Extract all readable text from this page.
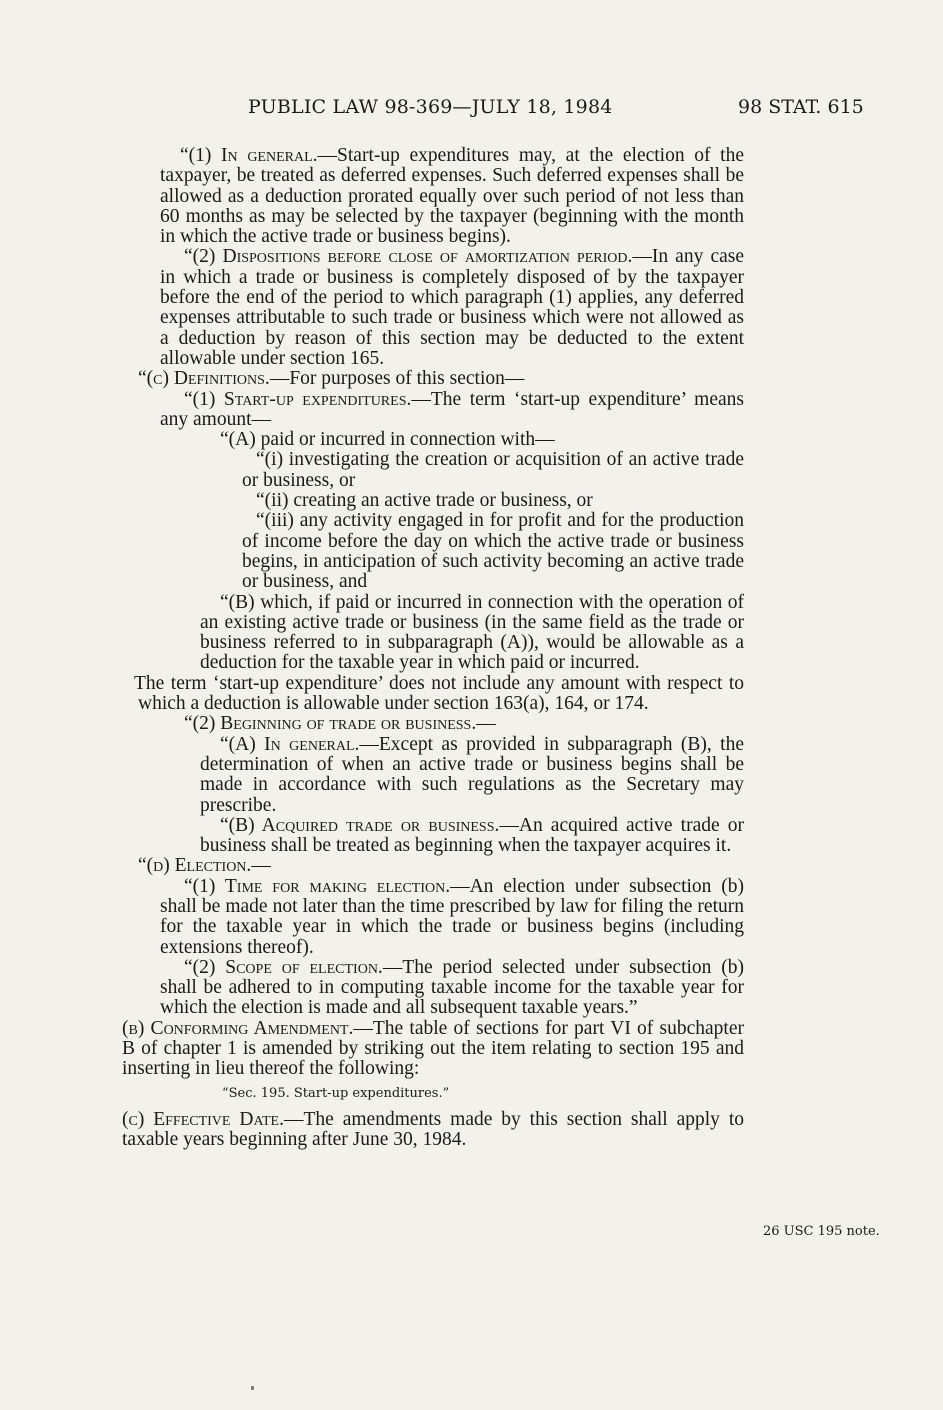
PUBLIC LAW 98-369—JULY 18, 1984	98 STAT. 615

“(1) In general.—Start-up expenditures may, at the election of the taxpayer, be treated as deferred expenses. Such deferred expenses shall be allowed as a deduction prorated equally over such period of not less than 60 months as may be selected by the taxpayer (beginning with the month in which the active trade or business begins).

“(2) Dispositions before close of amortization period.—In any case in which a trade or business is completely disposed of by the taxpayer before the end of the period to which paragraph (1) applies, any deferred expenses attributable to such trade or business which were not allowed as a deduction by reason of this section may be deducted to the extent allowable under section 165.

“(c) Definitions.—For purposes of this section—

“(1) Start-up expenditures.—The term ‘start-up expenditure’ means any amount—

“(A) paid or incurred in connection with—

“(i) investigating the creation or acquisition of an active trade or business, or

“(ii) creating an active trade or business, or

“(iii) any activity engaged in for profit and for the production of income before the day on which the active trade or business begins, in anticipation of such activity becoming an active trade or business, and

“(B) which, if paid or incurred in connection with the operation of an existing active trade or business (in the same field as the trade or business referred to in subparagraph (A)), would be allowable as a deduction for the taxable year in which paid or incurred.

The term ‘start-up expenditure’ does not include any amount with respect to which a deduction is allowable under section 163(a), 164, or 174.

“(2) Beginning of trade or business.—

“(A) In general.—Except as provided in subparagraph (B), the determination of when an active trade or business begins shall be made in accordance with such regulations as the Secretary may prescribe.

“(B) Acquired trade or business.—An acquired active trade or business shall be treated as beginning when the taxpayer acquires it.

“(d) Election.—

“(1) Time for making election.—An election under subsection (b) shall be made not later than the time prescribed by law for filing the return for the taxable year in which the trade or business begins (including extensions thereof).

“(2) Scope of election.—The period selected under subsection (b) shall be adhered to in computing taxable income for the taxable year for which the election is made and all subsequent taxable years.”

(b) Conforming Amendment.—The table of sections for part VI of subchapter B of chapter 1 is amended by striking out the item relating to section 195 and inserting in lieu thereof the following:

“Sec. 195. Start-up expenditures.”

(c) Effective Date.—The amendments made by this section shall apply to taxable years beginning after June 30, 1984.

26 USC 195 note.
